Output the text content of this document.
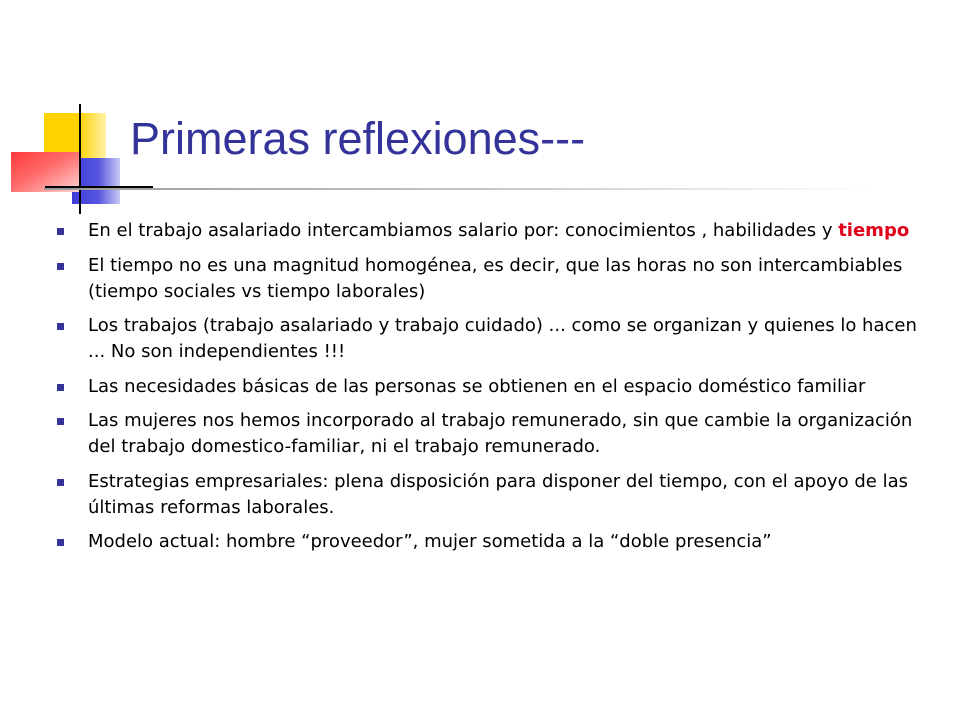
Primeras reflexiones---
En el trabajo asalariado intercambiamos salario por: conocimientos , habilidades y tiempo
El tiempo no es una magnitud homogénea, es decir, que las horas no son intercambiables (tiempo sociales vs tiempo laborales)
Los trabajos (trabajo asalariado y trabajo cuidado) ... como se organizan y quienes lo hacen ... No son independientes !!!
Las necesidades básicas de las personas se obtienen en el espacio doméstico familiar
Las mujeres nos hemos incorporado al trabajo remunerado, sin que cambie la organización del trabajo domestico-familiar, ni el trabajo remunerado.
Estrategias empresariales: plena disposición para disponer del tiempo, con el apoyo de las últimas reformas laborales.
Modelo actual: hombre “proveedor”, mujer sometida a la “doble presencia”
